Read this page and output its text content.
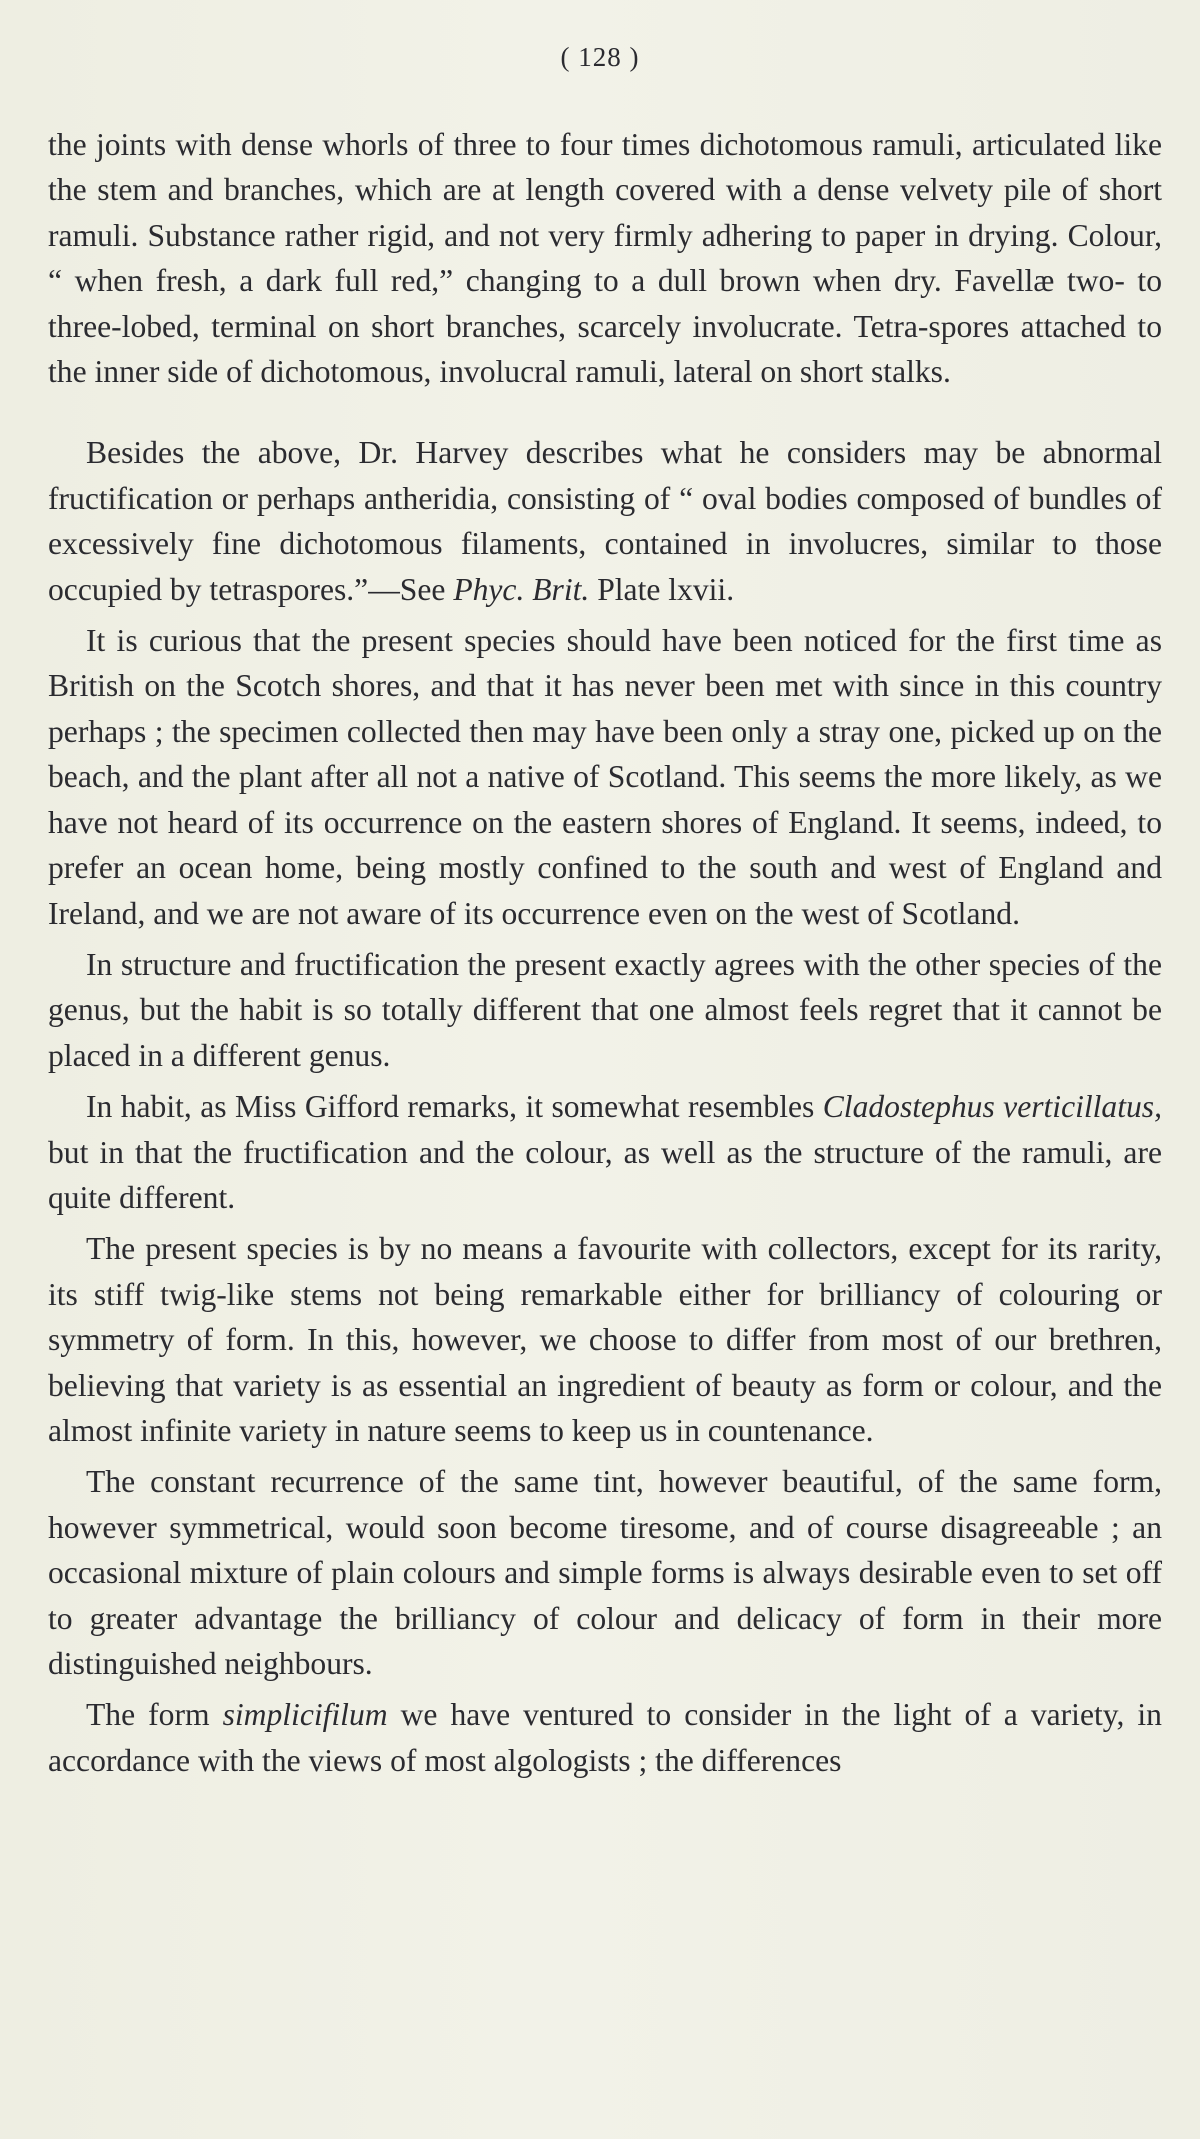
( 128 )

the joints with dense whorls of three to four times dichotomous ramuli, articulated like the stem and branches, which are at length covered with a dense velvety pile of short ramuli. Substance rather rigid, and not very firmly adhering to paper in drying. Colour, “ when fresh, a dark full red,” changing to a dull brown when dry. Favellæ two- to three-lobed, terminal on short branches, scarcely involucrate. Tetra-spores attached to the inner side of dichotomous, involucral ramuli, lateral on short stalks.

Besides the above, Dr. Harvey describes what he considers may be abnormal fructification or perhaps antheridia, consisting of “ oval bodies composed of bundles of excessively fine dichotomous filaments, contained in involucres, similar to those occupied by tetraspores.”—See Phyc. Brit. Plate lxvii.

It is curious that the present species should have been noticed for the first time as British on the Scotch shores, and that it has never been met with since in this country perhaps ; the specimen collected then may have been only a stray one, picked up on the beach, and the plant after all not a native of Scotland. This seems the more likely, as we have not heard of its occurrence on the eastern shores of England. It seems, indeed, to prefer an ocean home, being mostly confined to the south and west of England and Ireland, and we are not aware of its occurrence even on the west of Scotland.

In structure and fructification the present exactly agrees with the other species of the genus, but the habit is so totally different that one almost feels regret that it cannot be placed in a different genus.

In habit, as Miss Gifford remarks, it somewhat resembles Cladostephus verticillatus, but in that the fructification and the colour, as well as the structure of the ramuli, are quite different.

The present species is by no means a favourite with collectors, except for its rarity, its stiff twig-like stems not being remarkable either for brilliancy of colouring or symmetry of form. In this, however, we choose to differ from most of our brethren, believing that variety is as essential an ingredient of beauty as form or colour, and the almost infinite variety in nature seems to keep us in countenance.

The constant recurrence of the same tint, however beautiful, of the same form, however symmetrical, would soon become tiresome, and of course disagreeable ; an occasional mixture of plain colours and simple forms is always desirable even to set off to greater advantage the brilliancy of colour and delicacy of form in their more distinguished neighbours.

The form simplicifilum we have ventured to consider in the light of a variety, in accordance with the views of most algologists ; the differences
